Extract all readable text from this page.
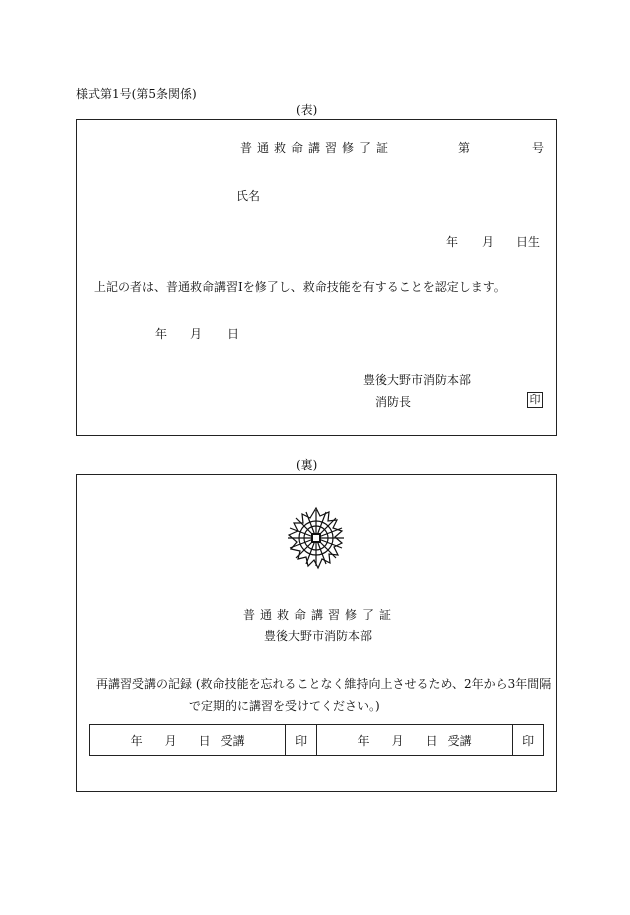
様式第1号(第5条関係)
(表)
普通救命講習修了証	第	号
氏名
年 月 日生
上記の者は、普通救命講習Ⅰを修了し、救命技能を有することを認定します。
年 月 日
豊後大野市消防本部
消防長	印
(裏)
普通救命講習修了証
豊後大野市消防本部
再講習受講の記録 (救命技能を忘れることなく維持向上させるため、2年から3年間隔
で定期的に講習を受けてください。)
年 月 日 受講	印	年 月 日 受講	印
